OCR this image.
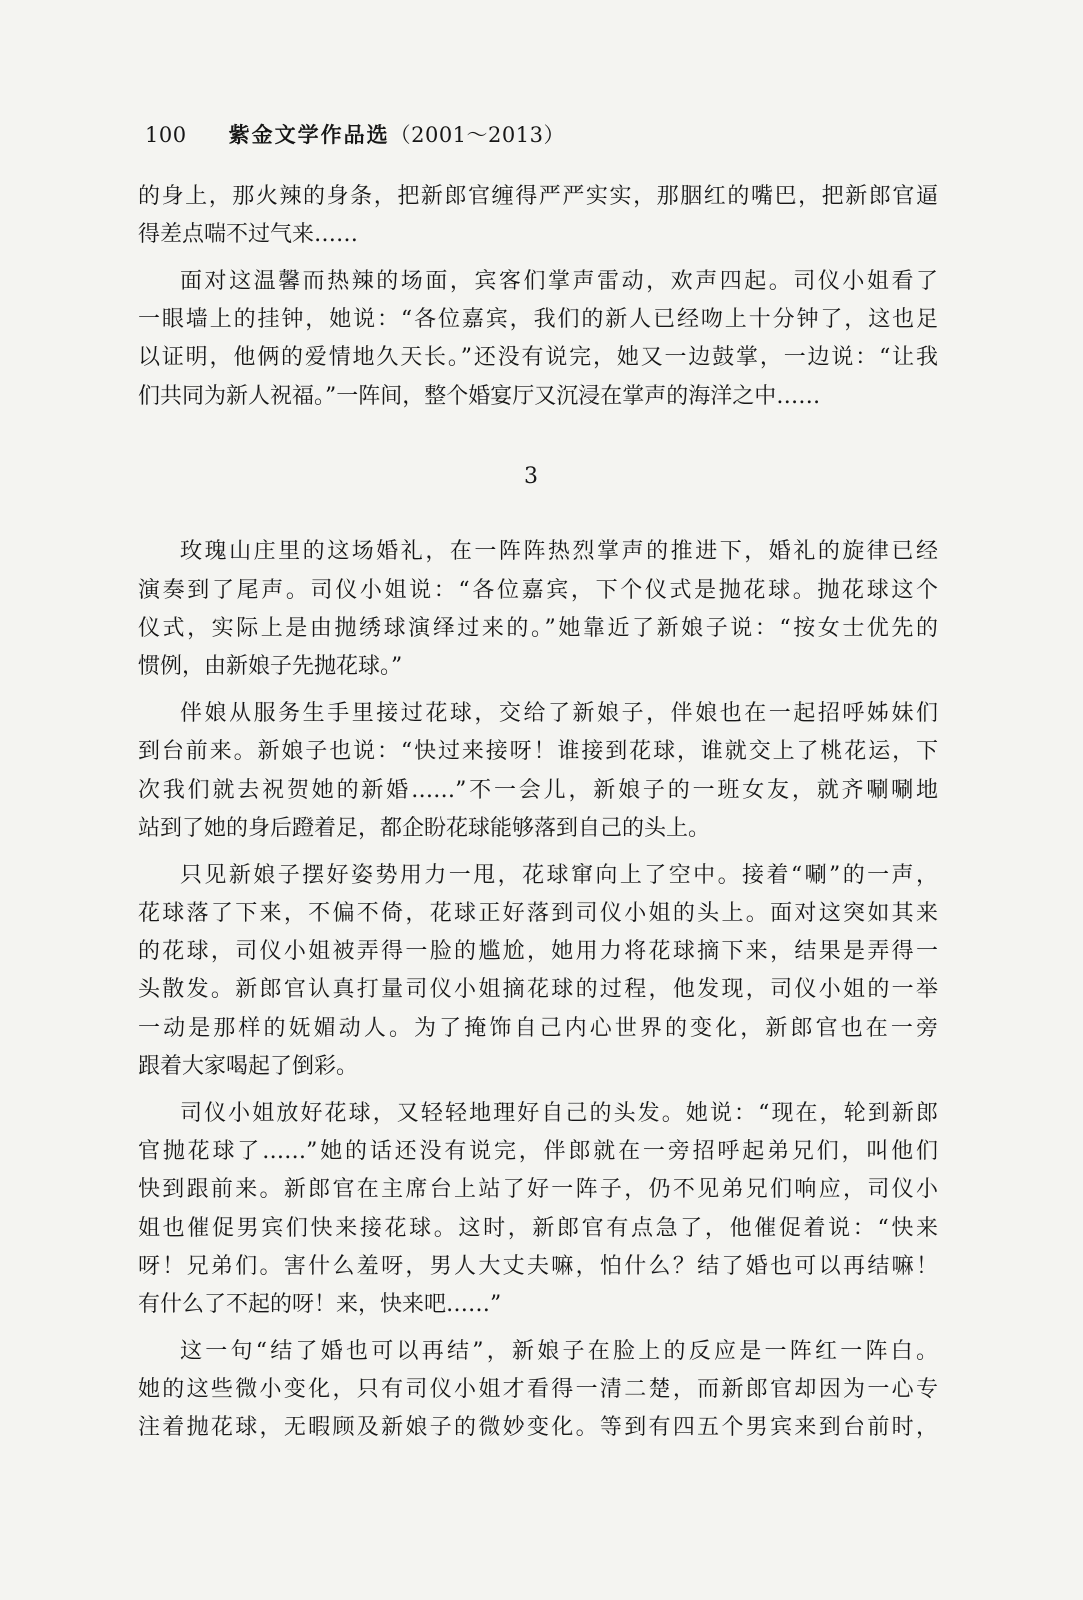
100 紫金文学作品选（2001～2013）
的身上，那火辣的身条，把新郎官缠得严严实实，那胭红的嘴巴，把新郎官逼
得差点喘不过气来……
面对这温馨而热辣的场面，宾客们掌声雷动，欢声四起。司仪小姐看了
一眼墙上的挂钟，她说：“各位嘉宾，我们的新人已经吻上十分钟了，这也足
以证明，他俩的爱情地久天长。”还没有说完，她又一边鼓掌，一边说：“让我
们共同为新人祝福。”一阵间，整个婚宴厅又沉浸在掌声的海洋之中……
3
玫瑰山庄里的这场婚礼，在一阵阵热烈掌声的推进下，婚礼的旋律已经
演奏到了尾声。司仪小姐说：“各位嘉宾，下个仪式是抛花球。抛花球这个
仪式，实际上是由抛绣球演绎过来的。”她靠近了新娘子说：“按女士优先的
惯例，由新娘子先抛花球。”
伴娘从服务生手里接过花球，交给了新娘子，伴娘也在一起招呼姊妹们
到台前来。新娘子也说：“快过来接呀！谁接到花球，谁就交上了桃花运，下
次我们就去祝贺她的新婚……”不一会儿，新娘子的一班女友，就齐唰唰地
站到了她的身后蹬着足，都企盼花球能够落到自己的头上。
只见新娘子摆好姿势用力一甩，花球窜向上了空中。接着“唰”的一声，
花球落了下来，不偏不倚，花球正好落到司仪小姐的头上。面对这突如其来
的花球，司仪小姐被弄得一脸的尴尬，她用力将花球摘下来，结果是弄得一
头散发。新郎官认真打量司仪小姐摘花球的过程，他发现，司仪小姐的一举
一动是那样的妩媚动人。为了掩饰自己内心世界的变化，新郎官也在一旁
跟着大家喝起了倒彩。
司仪小姐放好花球，又轻轻地理好自己的头发。她说：“现在，轮到新郎
官抛花球了……”她的话还没有说完，伴郎就在一旁招呼起弟兄们，叫他们
快到跟前来。新郎官在主席台上站了好一阵子，仍不见弟兄们响应，司仪小
姐也催促男宾们快来接花球。这时，新郎官有点急了，他催促着说：“快来
呀！兄弟们。害什么羞呀，男人大丈夫嘛，怕什么？结了婚也可以再结嘛！
有什么了不起的呀！来，快来吧……”
这一句“结了婚也可以再结”，新娘子在脸上的反应是一阵红一阵白。
她的这些微小变化，只有司仪小姐才看得一清二楚，而新郎官却因为一心专
注着抛花球，无暇顾及新娘子的微妙变化。等到有四五个男宾来到台前时，
